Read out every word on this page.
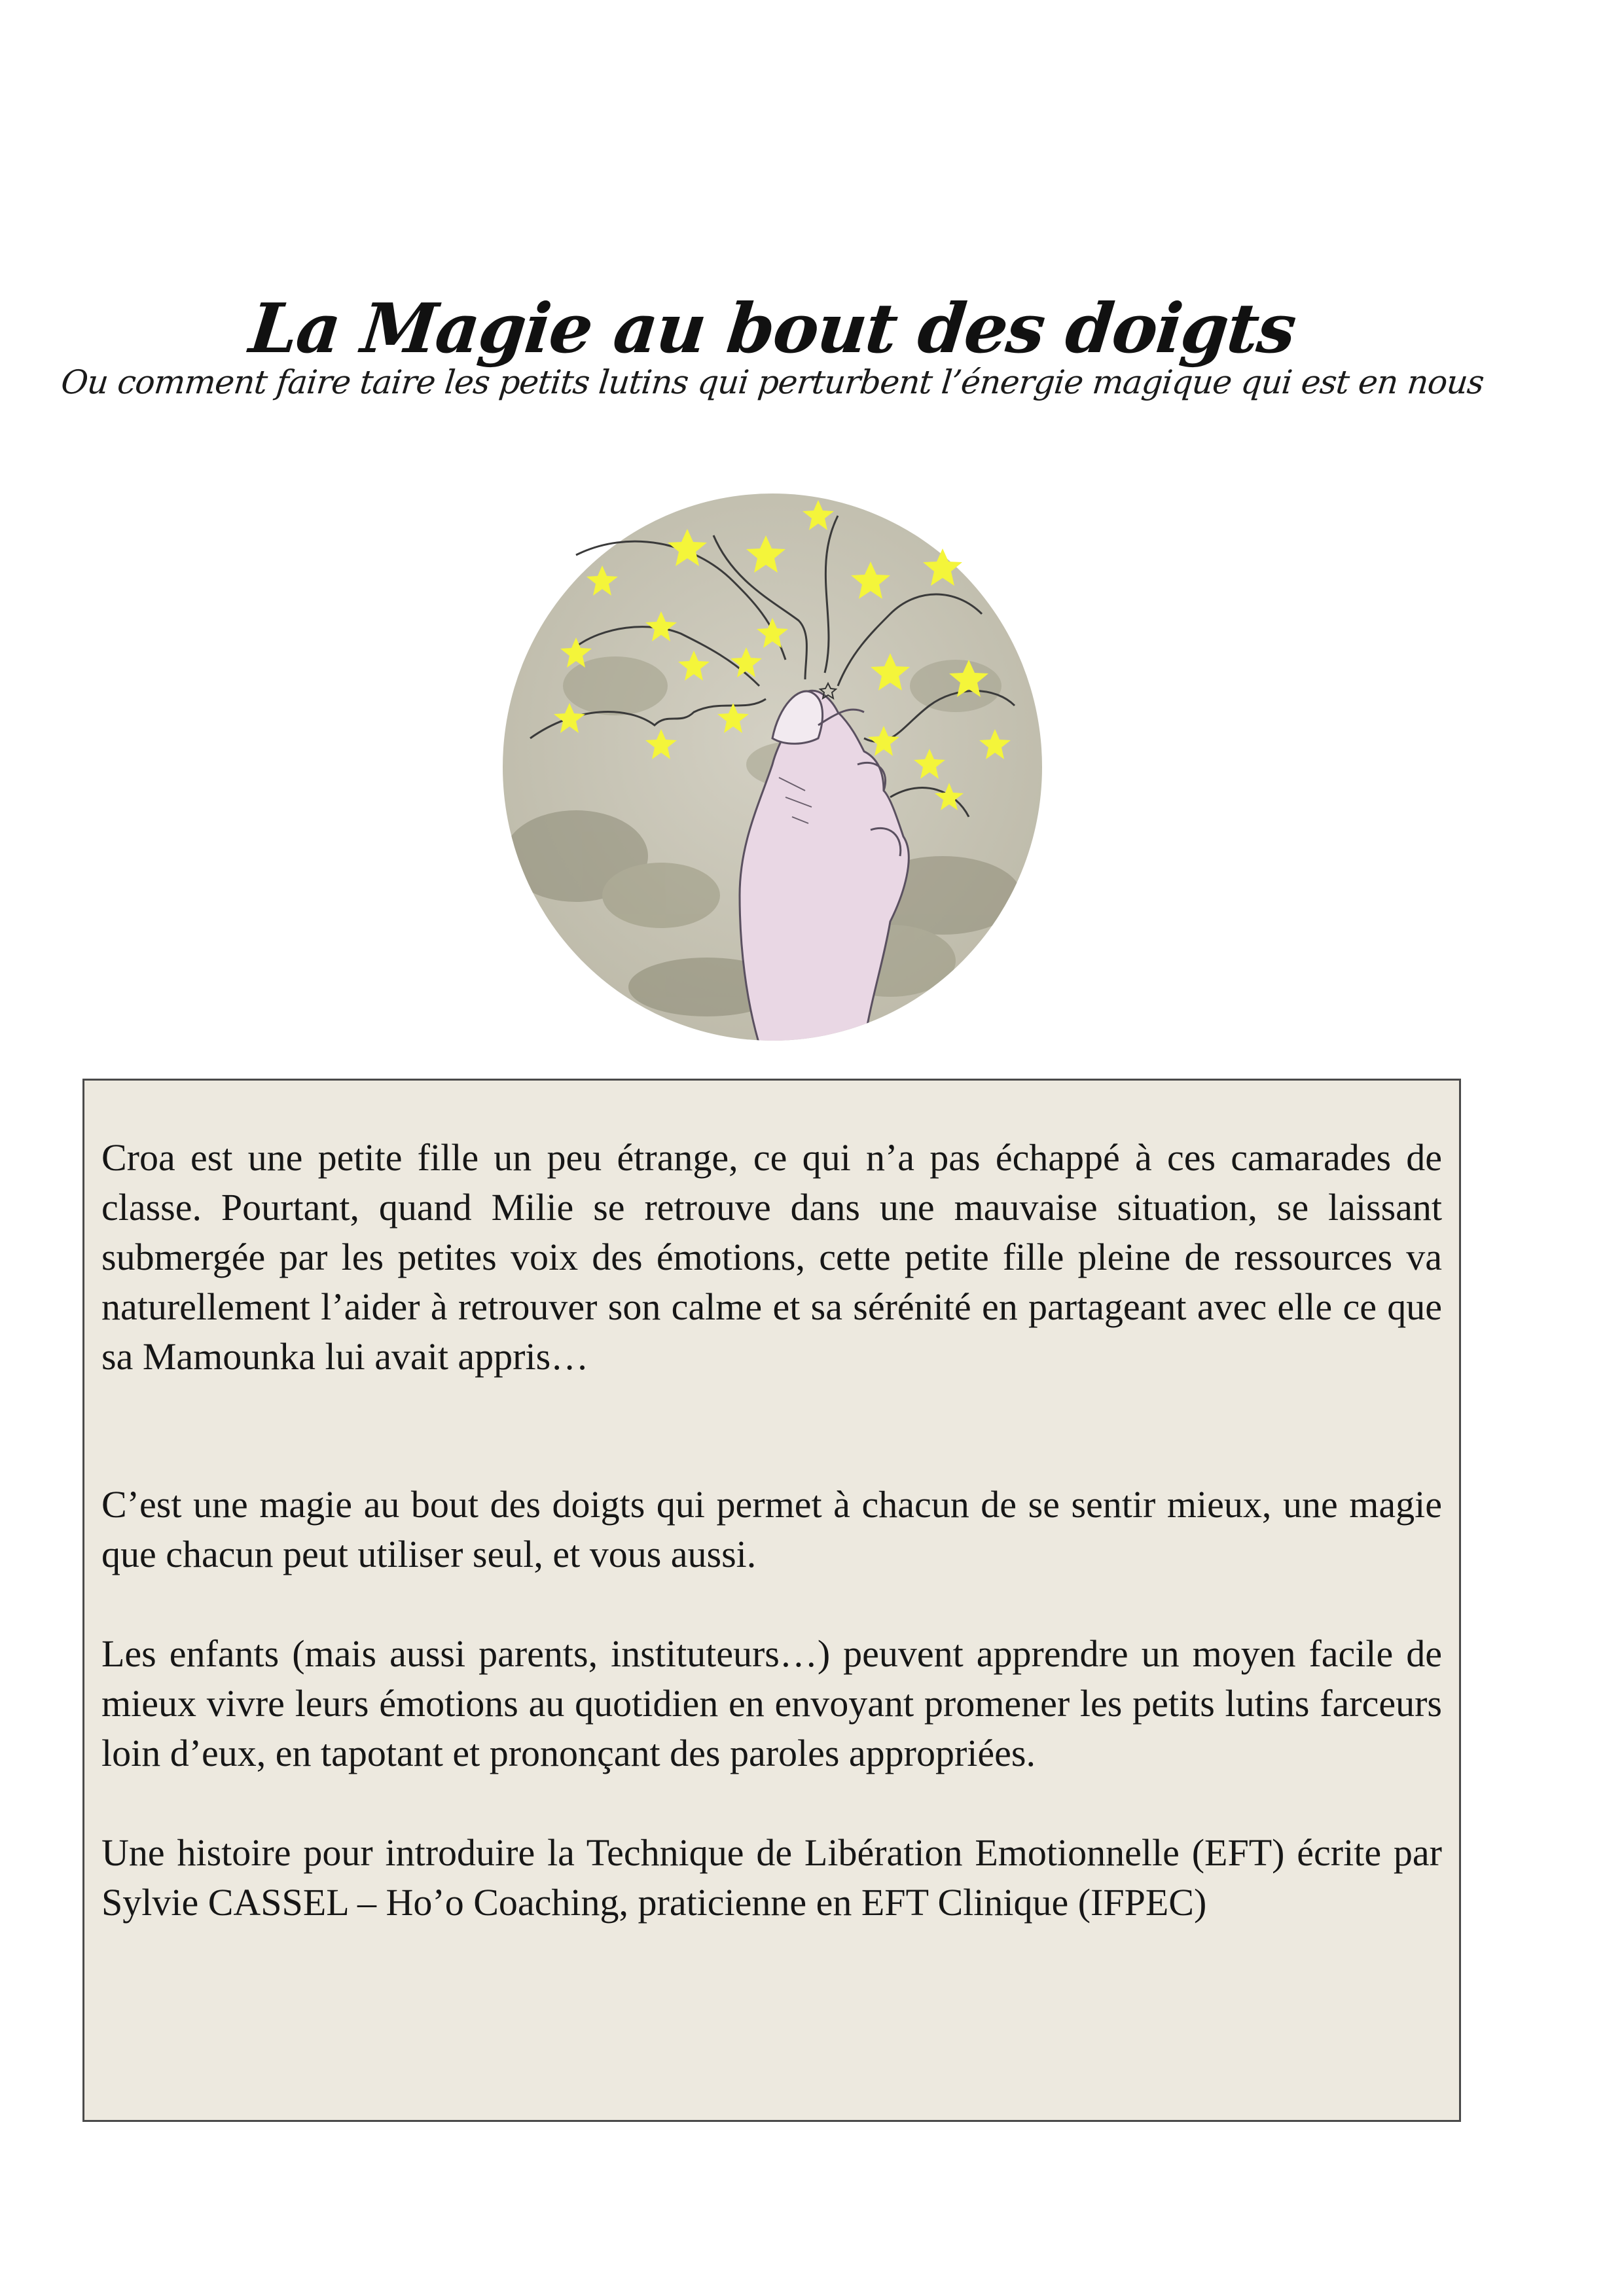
La Magie au bout des doigts
Ou comment faire taire les petits lutins qui perturbent l’énergie magique qui est en nous

Croa est une petite fille un peu étrange, ce qui n’a pas échappé à ces camarades de classe. Pourtant, quand Milie se retrouve dans une mauvaise situation, se laissant submergée par les petites voix des émotions, cette petite fille pleine de ressources va naturellement l’aider à retrouver son calme et sa sérénité en partageant avec elle ce que sa Mamounka lui avait appris…

C’est une magie au bout des doigts qui permet à chacun de se sentir mieux, une magie que chacun peut utiliser seul, et vous aussi.

Les enfants (mais aussi parents, instituteurs…) peuvent apprendre un moyen facile de mieux vivre leurs émotions au quotidien en envoyant promener les petits lutins farceurs loin d’eux, en tapotant et prononçant des paroles appropriées.

Une histoire pour introduire la Technique de Libération Emotionnelle (EFT) écrite par Sylvie CASSEL – Ho’o Coaching, praticienne en EFT Clinique (IFPEC)
